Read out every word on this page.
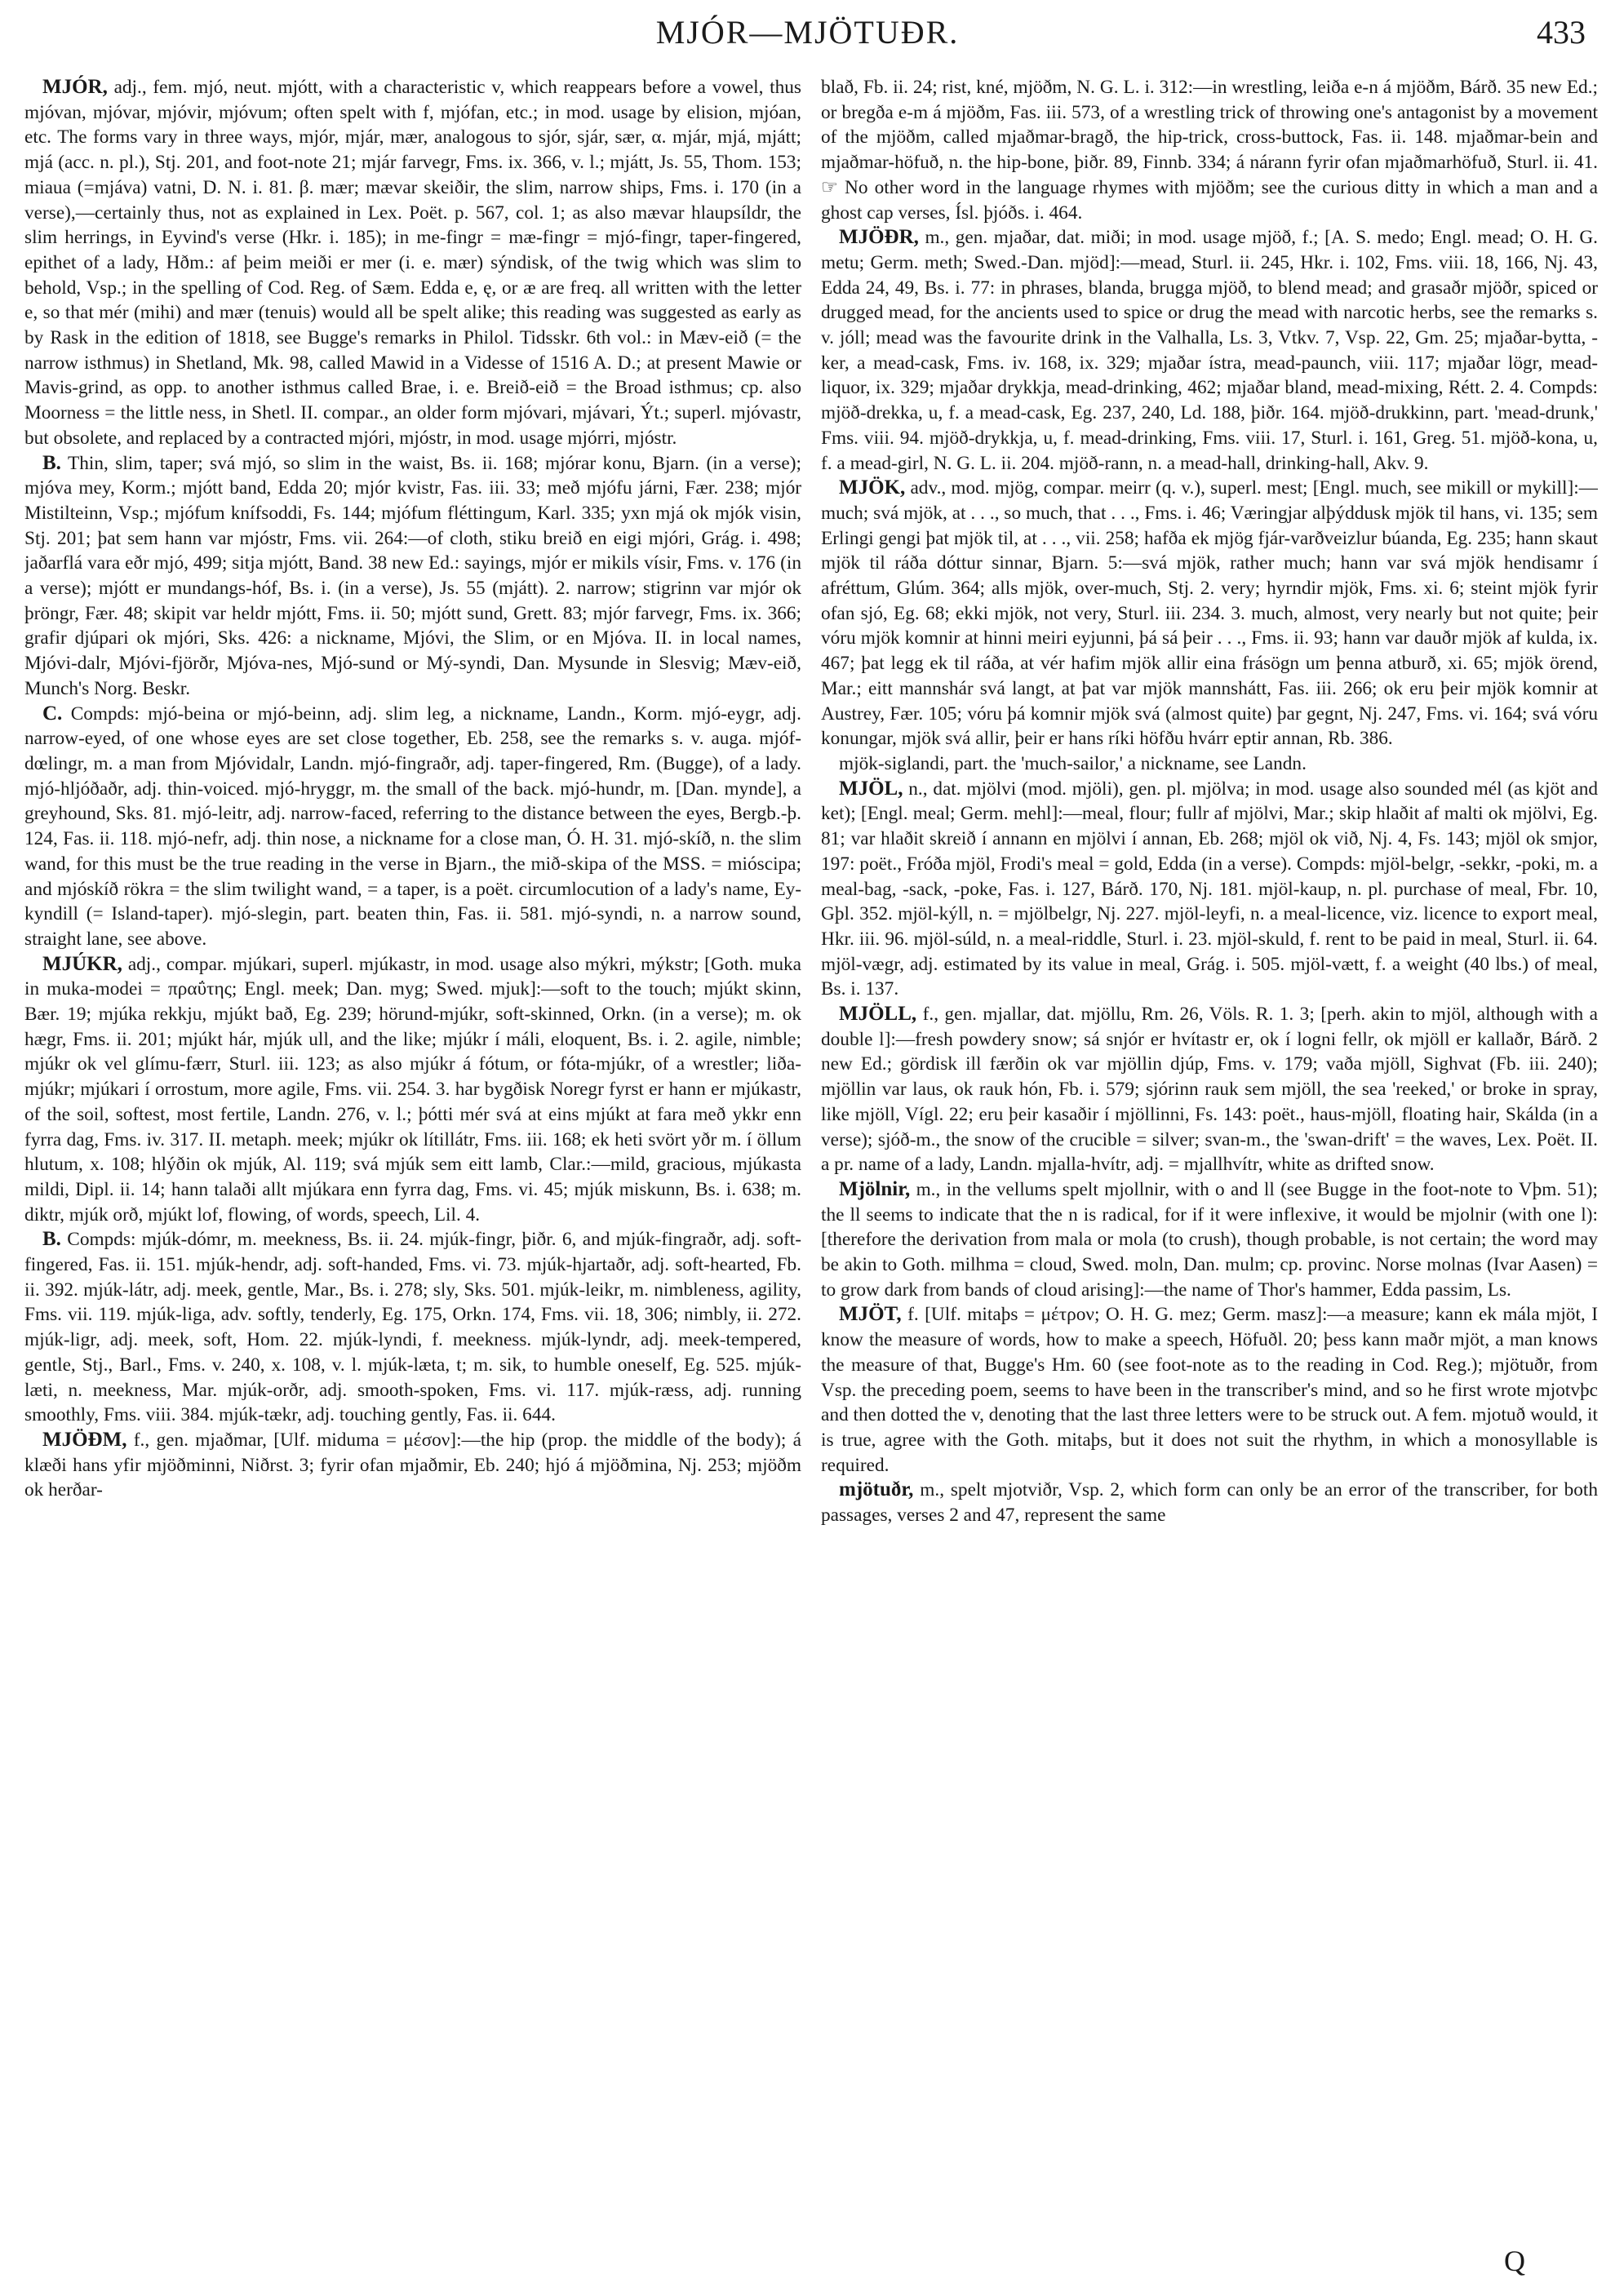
MJÓR—MJÖTUÐR.	433

MJÓR, adj., fem. mjó, neut. mjótt, with a characteristic v, which reappears before a vowel, thus mjóvan, mjóvar, mjóvir, mjóvum; often spelt with f, mjófan, etc.; in mod. usage by elision, mjóan, etc. The forms vary in three ways, mjór, mjár, mær, analogous to sjór, sjár, sær, α. mjár, mjá, mjátt; mjá (acc. n. pl.), Stj. 201, and foot-note 21; mjár farvegr, Fms. ix. 366, v. l.; mjátt, Js. 55, Thom. 153; miaua (=mjáva) vatni, D. N. i. 81. β. mær; mævar skeiðir, the slim, narrow ships, Fms. i. 170 (in a verse),—certainly thus, not as explained in Lex. Poët. p. 567, col. 1; as also mævar hlaupsíldr, the slim herrings, in Eyvind's verse (Hkr. i. 185); in me-fingr = mæ-fingr = mjó-fingr, taper-fingered, epithet of a lady, Hðm.: af þeim meiði er mer (i. e. mær) sýndisk, of the twig which was slim to behold, Vsp.; in the spelling of Cod. Reg. of Sæm. Edda e, ę, or æ are freq. all written with the letter e, so that mér (mihi) and mær (tenuis) would all be spelt alike; this reading was suggested as early as by Rask in the edition of 1818, see Bugge's remarks in Philol. Tidsskr. 6th vol.: in Mæv-eið (= the narrow isthmus) in Shetland, Mk. 98, called Mawid in a Videsse of 1516 A. D.; at present Mawie or Mavis-grind, as opp. to another isthmus called Brae, i. e. Breið-eið = the Broad isthmus; cp. also Moorness = the little ness, in Shetl. II. compar., an older form mjóvari, mjávari, Ýt.; superl. mjóvastr, but obsolete, and replaced by a contracted mjóri, mjóstr, in mod. usage mjórri, mjóstr.

B. Thin, slim, taper; svá mjó, so slim in the waist, Bs. ii. 168; mjórar konu, Bjarn. (in a verse); mjóva mey, Korm.; mjótt band, Edda 20; mjór kvistr, Fas. iii. 33; með mjófu járni, Fær. 238; mjór Mistilteinn, Vsp.; mjófum knífsoddi, Fs. 144; mjófum fléttingum, Karl. 335; yxn mjá ok mjók visin, Stj. 201; þat sem hann var mjóstr, Fms. vii. 264:—of cloth, stiku breið en eigi mjóri, Grág. i. 498; jaðarflá vara eðr mjó, 499; sitja mjótt, Band. 38 new Ed.: sayings, mjór er mikils vísir, Fms. v. 176 (in a verse); mjótt er mundangs-hóf, Bs. i. (in a verse), Js. 55 (mjátt). 2. narrow; stigrinn var mjór ok þröngr, Fær. 48; skipit var heldr mjótt, Fms. ii. 50; mjótt sund, Grett. 83; mjór farvegr, Fms. ix. 366; grafir djúpari ok mjóri, Sks. 426: a nickname, Mjóvi, the Slim, or en Mjóva. II. in local names, Mjóvi-dalr, Mjóvi-fjörðr, Mjóva-nes, Mjó-sund or Mý-syndi, Dan. Mysunde in Slesvig; Mæv-eið, Munch's Norg. Beskr.

C. Compds: mjó-beina or mjó-beinn, adj. slim leg, a nickname, Landn., Korm. mjó-eygr, adj. narrow-eyed, of one whose eyes are set close together, Eb. 258, see the remarks s. v. auga. mjóf-dœlingr, m. a man from Mjóvidalr, Landn. mjó-fingraðr, adj. taper-fingered, Rm. (Bugge), of a lady. mjó-hljóðaðr, adj. thin-voiced. mjó-hryggr, m. the small of the back. mjó-hundr, m. [Dan. mynde], a greyhound, Sks. 81. mjó-leitr, adj. narrow-faced, referring to the distance between the eyes, Bergb.-þ. 124, Fas. ii. 118. mjó-nefr, adj. thin nose, a nickname for a close man, Ó. H. 31. mjó-skíð, n. the slim wand, for this must be the true reading in the verse in Bjarn., the mið-skipa of the MSS. = mióscipa; and mjóskíð rökra = the slim twilight wand, = a taper, is a poët. circumlocution of a lady's name, Ey-kyndill (= Island-taper). mjó-slegin, part. beaten thin, Fas. ii. 581. mjó-syndi, n. a narrow sound, straight lane, see above.

MJÚKR, adj., compar. mjúkari, superl. mjúkastr, in mod. usage also mýkri, mýkstr; [Goth. muka in muka-modei = πραΰτης; Engl. meek; Dan. myg; Swed. mjuk]:—soft to the touch; mjúkt skinn, Bær. 19; mjúka rekkju, mjúkt bað, Eg. 239; hörund-mjúkr, soft-skinned, Orkn. (in a verse); m. ok hægr, Fms. ii. 201; mjúkt hár, mjúk ull, and the like; mjúkr í máli, eloquent, Bs. i. 2. agile, nimble; mjúkr ok vel glímu-færr, Sturl. iii. 123; as also mjúkr á fótum, or fóta-mjúkr, of a wrestler; liða-mjúkr; mjúkari í orrostum, more agile, Fms. vii. 254. 3. har bygðisk Noregr fyrst er hann er mjúkastr, of the soil, softest, most fertile, Landn. 276, v. l.; þótti mér svá at eins mjúkt at fara með ykkr enn fyrra dag, Fms. iv. 317. II. metaph. meek; mjúkr ok lítillátr, Fms. iii. 168; ek heti svört yðr m. í öllum hlutum, x. 108; hlýðin ok mjúk, Al. 119; svá mjúk sem eitt lamb, Clar.:—mild, gracious, mjúkasta mildi, Dipl. ii. 14; hann talaði allt mjúkara enn fyrra dag, Fms. vi. 45; mjúk miskunn, Bs. i. 638; m. diktr, mjúk orð, mjúkt lof, flowing, of words, speech, Lil. 4.

B. Compds: mjúk-dómr, m. meekness, Bs. ii. 24. mjúk-fingr, þiðr. 6, and mjúk-fingraðr, adj. soft-fingered, Fas. ii. 151. mjúk-hendr, adj. soft-handed, Fms. vi. 73. mjúk-hjartaðr, adj. soft-hearted, Fb. ii. 392. mjúk-látr, adj. meek, gentle, Mar., Bs. i. 278; sly, Sks. 501. mjúk-leikr, m. nimbleness, agility, Fms. vii. 119. mjúk-liga, adv. softly, tenderly, Eg. 175, Orkn. 174, Fms. vii. 18, 306; nimbly, ii. 272. mjúk-ligr, adj. meek, soft, Hom. 22. mjúk-lyndi, f. meekness. mjúk-lyndr, adj. meek-tempered, gentle, Stj., Barl., Fms. v. 240, x. 108, v. l. mjúk-læta, t; m. sik, to humble oneself, Eg. 525. mjúk-læti, n. meekness, Mar. mjúk-orðr, adj. smooth-spoken, Fms. vi. 117. mjúk-ræss, adj. running smoothly, Fms. viii. 384. mjúk-tækr, adj. touching gently, Fas. ii. 644.

MJÖÐM, f., gen. mjaðmar, [Ulf. miduma = μέσον]:—the hip (prop. the middle of the body); á klæði hans yfir mjöðminni, Niðrst. 3; fyrir ofan mjaðmir, Eb. 240; hjó á mjöðmina, Nj. 253; mjöðm ok herðar-

blað, Fb. ii. 24; rist, kné, mjöðm, N. G. L. i. 312:—in wrestling, leiða e-n á mjöðm, Bárð. 35 new Ed.; or bregða e-m á mjöðm, Fas. iii. 573, of a wrestling trick of throwing one's antagonist by a movement of the mjöðm, called mjaðmar-bragð, the hip-trick, cross-buttock, Fas. ii. 148. mjaðmar-bein and mjaðmar-höfuð, n. the hip-bone, þiðr. 89, Finnb. 334; á nárann fyrir ofan mjaðmarhöfuð, Sturl. ii. 41. ☞ No other word in the language rhymes with mjöðm; see the curious ditty in which a man and a ghost cap verses, Ísl. þjóðs. i. 464.

MJÖÐR, m., gen. mjaðar, dat. miði; in mod. usage mjöð, f.; [A. S. medo; Engl. mead; O. H. G. metu; Germ. meth; Swed.-Dan. mjöd]:—mead, Sturl. ii. 245, Hkr. i. 102, Fms. viii. 18, 166, Nj. 43, Edda 24, 49, Bs. i. 77: in phrases, blanda, brugga mjöð, to blend mead; and grasaðr mjöðr, spiced or drugged mead, for the ancients used to spice or drug the mead with narcotic herbs, see the remarks s. v. jóll; mead was the favourite drink in the Valhalla, Ls. 3, Vtkv. 7, Vsp. 22, Gm. 25; mjaðar-bytta, -ker, a mead-cask, Fms. iv. 168, ix. 329; mjaðar ístra, mead-paunch, viii. 117; mjaðar lögr, mead-liquor, ix. 329; mjaðar drykkja, mead-drinking, 462; mjaðar bland, mead-mixing, Rétt. 2. 4. Compds: mjöð-drekka, u, f. a mead-cask, Eg. 237, 240, Ld. 188, þiðr. 164. mjöð-drukkinn, part. 'mead-drunk,' Fms. viii. 94. mjöð-drykkja, u, f. mead-drinking, Fms. viii. 17, Sturl. i. 161, Greg. 51. mjöð-kona, u, f. a mead-girl, N. G. L. ii. 204. mjöð-rann, n. a mead-hall, drinking-hall, Akv. 9.

MJÖK, adv., mod. mjög, compar. meirr (q. v.), superl. mest; [Engl. much, see mikill or mykill]:—much; svá mjök, at . . ., so much, that . . ., Fms. i. 46; Væringjar alþýddusk mjök til hans, vi. 135; sem Erlingi gengi þat mjök til, at . . ., vii. 258; hafða ek mjög fjár-varðveizlur búanda, Eg. 235; hann skaut mjök til ráða dóttur sinnar, Bjarn. 5:—svá mjök, rather much; hann var svá mjök hendisamr í afréttum, Glúm. 364; alls mjök, over-much, Stj. 2. very; hyrndir mjök, Fms. xi. 6; steint mjök fyrir ofan sjó, Eg. 68; ekki mjök, not very, Sturl. iii. 234. 3. much, almost, very nearly but not quite; þeir vóru mjök komnir at hinni meiri eyjunni, þá sá þeir . . ., Fms. ii. 93; hann var dauðr mjök af kulda, ix. 467; þat legg ek til ráða, at vér hafim mjök allir eina frásögn um þenna atburð, xi. 65; mjök örend, Mar.; eitt mannshár svá langt, at þat var mjök mannshátt, Fas. iii. 266; ok eru þeir mjök komnir at Austrey, Fær. 105; vóru þá komnir mjök svá (almost quite) þar gegnt, Nj. 247, Fms. vi. 164; svá vóru konungar, mjök svá allir, þeir er hans ríki höfðu hvárr eptir annan, Rb. 386.

mjök-siglandi, part. the 'much-sailor,' a nickname, see Landn.

MJÖL, n., dat. mjölvi (mod. mjöli), gen. pl. mjölva; in mod. usage also sounded mél (as kjöt and ket); [Engl. meal; Germ. mehl]:—meal, flour; fullr af mjölvi, Mar.; skip hlaðit af malti ok mjölvi, Eg. 81; var hlaðit skreið í annann en mjölvi í annan, Eb. 268; mjöl ok við, Nj. 4, Fs. 143; mjöl ok smjor, 197: poët., Fróða mjöl, Frodi's meal = gold, Edda (in a verse). Compds: mjöl-belgr, -sekkr, -poki, m. a meal-bag, -sack, -poke, Fas. i. 127, Bárð. 170, Nj. 181. mjöl-kaup, n. pl. purchase of meal, Fbr. 10, Gþl. 352. mjöl-kýll, n. = mjölbelgr, Nj. 227. mjöl-leyfi, n. a meal-licence, viz. licence to export meal, Hkr. iii. 96. mjöl-súld, n. a meal-riddle, Sturl. i. 23. mjöl-skuld, f. rent to be paid in meal, Sturl. ii. 64. mjöl-vægr, adj. estimated by its value in meal, Grág. i. 505. mjöl-vætt, f. a weight (40 lbs.) of meal, Bs. i. 137.

MJÖLL, f., gen. mjallar, dat. mjöllu, Rm. 26, Völs. R. 1. 3; [perh. akin to mjöl, although with a double l]:—fresh powdery snow; sá snjór er hvítastr er, ok í logni fellr, ok mjöll er kallaðr, Bárð. 2 new Ed.; gördisk ill færðin ok var mjöllin djúp, Fms. v. 179; vaða mjöll, Sighvat (Fb. iii. 240); mjöllin var laus, ok rauk hón, Fb. i. 579; sjórinn rauk sem mjöll, the sea 'reeked,' or broke in spray, like mjöll, Vígl. 22; eru þeir kasaðir í mjöllinni, Fs. 143: poët., haus-mjöll, floating hair, Skálda (in a verse); sjóð-m., the snow of the crucible = silver; svan-m., the 'swan-drift' = the waves, Lex. Poët. II. a pr. name of a lady, Landn. mjalla-hvítr, adj. = mjallhvítr, white as drifted snow.

Mjölnir, m., in the vellums spelt mjollnir, with o and ll (see Bugge in the foot-note to Vþm. 51); the ll seems to indicate that the n is radical, for if it were inflexive, it would be mjolnir (with one l): [therefore the derivation from mala or mola (to crush), though probable, is not certain; the word may be akin to Goth. milhma = cloud, Swed. moln, Dan. mulm; cp. provinc. Norse molnas (Ivar Aasen) = to grow dark from bands of cloud arising]:—the name of Thor's hammer, Edda passim, Ls.

MJÖT, f. [Ulf. mitaþs = μέτρον; O. H. G. mez; Germ. masz]:—a measure; kann ek mála mjöt, I know the measure of words, how to make a speech, Höfuðl. 20; þess kann maðr mjöt, a man knows the measure of that, Bugge's Hm. 60 (see foot-note as to the reading in Cod. Reg.); mjötuðr, from Vsp. the preceding poem, seems to have been in the transcriber's mind, and so he first wrote mjotvþc and then dotted the v, denoting that the last three letters were to be struck out. A fem. mjotuð would, it is true, agree with the Goth. mitaþs, but it does not suit the rhythm, in which a monosyllable is required.

mjötuðr, m., spelt mjotviðr, Vsp. 2, which form can only be an error of the transcriber, for both passages, verses 2 and 47, represent the same

Q
